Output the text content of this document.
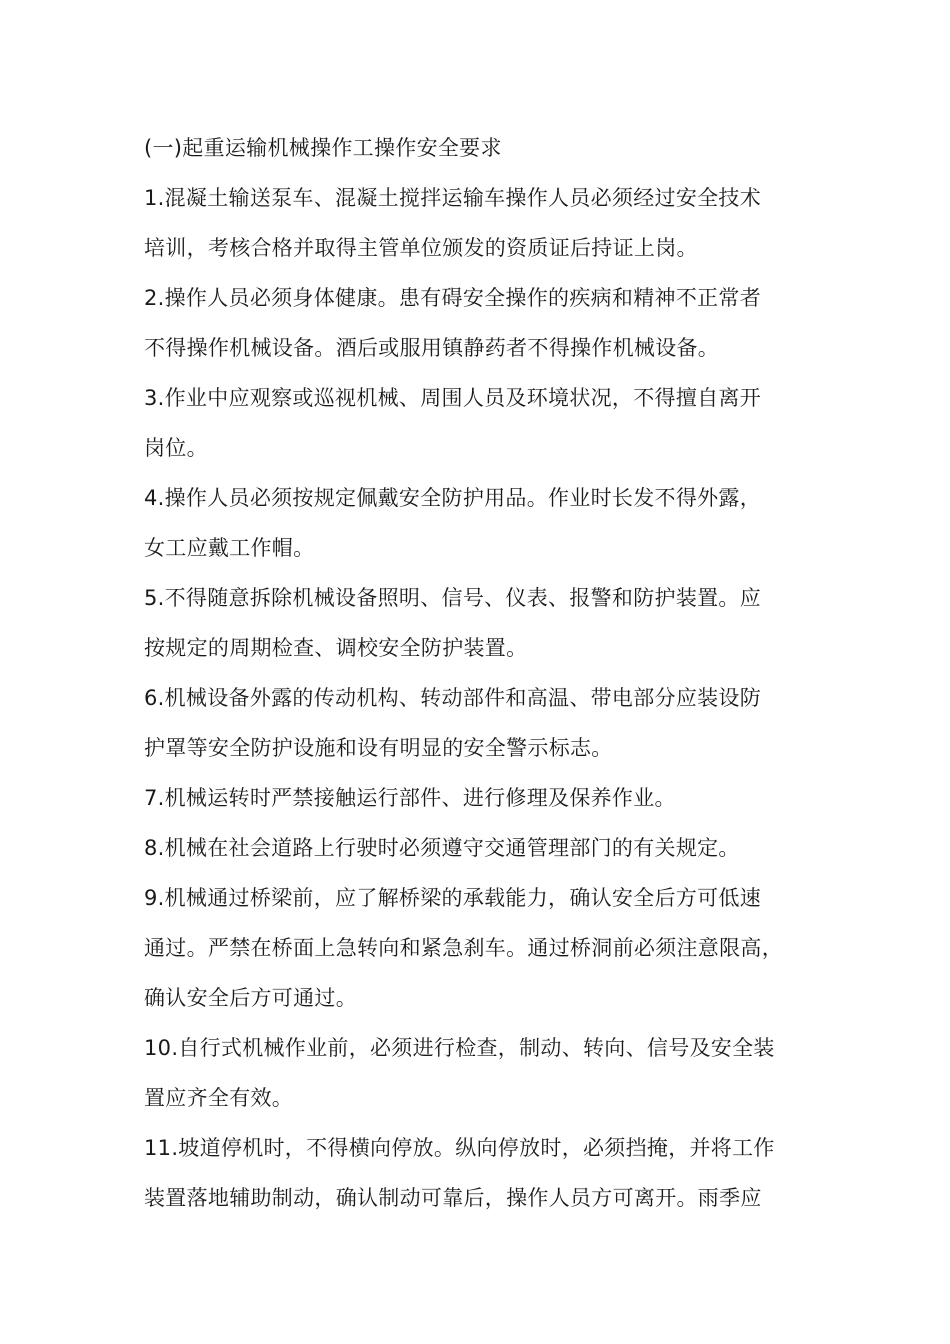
(一)起重运输机械操作工操作安全要求
1.混凝土输送泵车、混凝土搅拌运输车操作人员必须经过安全技术
培训，考核合格并取得主管单位颁发的资质证后持证上岗。
2.操作人员必须身体健康。患有碍安全操作的疾病和精神不正常者
不得操作机械设备。酒后或服用镇静药者不得操作机械设备。
3.作业中应观察或巡视机械、周围人员及环境状况，不得擅自离开
岗位。
4.操作人员必须按规定佩戴安全防护用品。作业时长发不得外露，
女工应戴工作帽。
5.不得随意拆除机械设备照明、信号、仪表、报警和防护装置。应
按规定的周期检查、调校安全防护装置。
6.机械设备外露的传动机构、转动部件和高温、带电部分应装设防
护罩等安全防护设施和设有明显的安全警示标志。
7.机械运转时严禁接触运行部件、进行修理及保养作业。
8.机械在社会道路上行驶时必须遵守交通管理部门的有关规定。
9.机械通过桥梁前，应了解桥梁的承载能力，确认安全后方可低速
通过。严禁在桥面上急转向和紧急刹车。通过桥洞前必须注意限高，
确认安全后方可通过。
10.自行式机械作业前，必须进行检查，制动、转向、信号及安全装
置应齐全有效。
11.坡道停机时，不得横向停放。纵向停放时，必须挡掩，并将工作
装置落地辅助制动，确认制动可靠后，操作人员方可离开。雨季应
